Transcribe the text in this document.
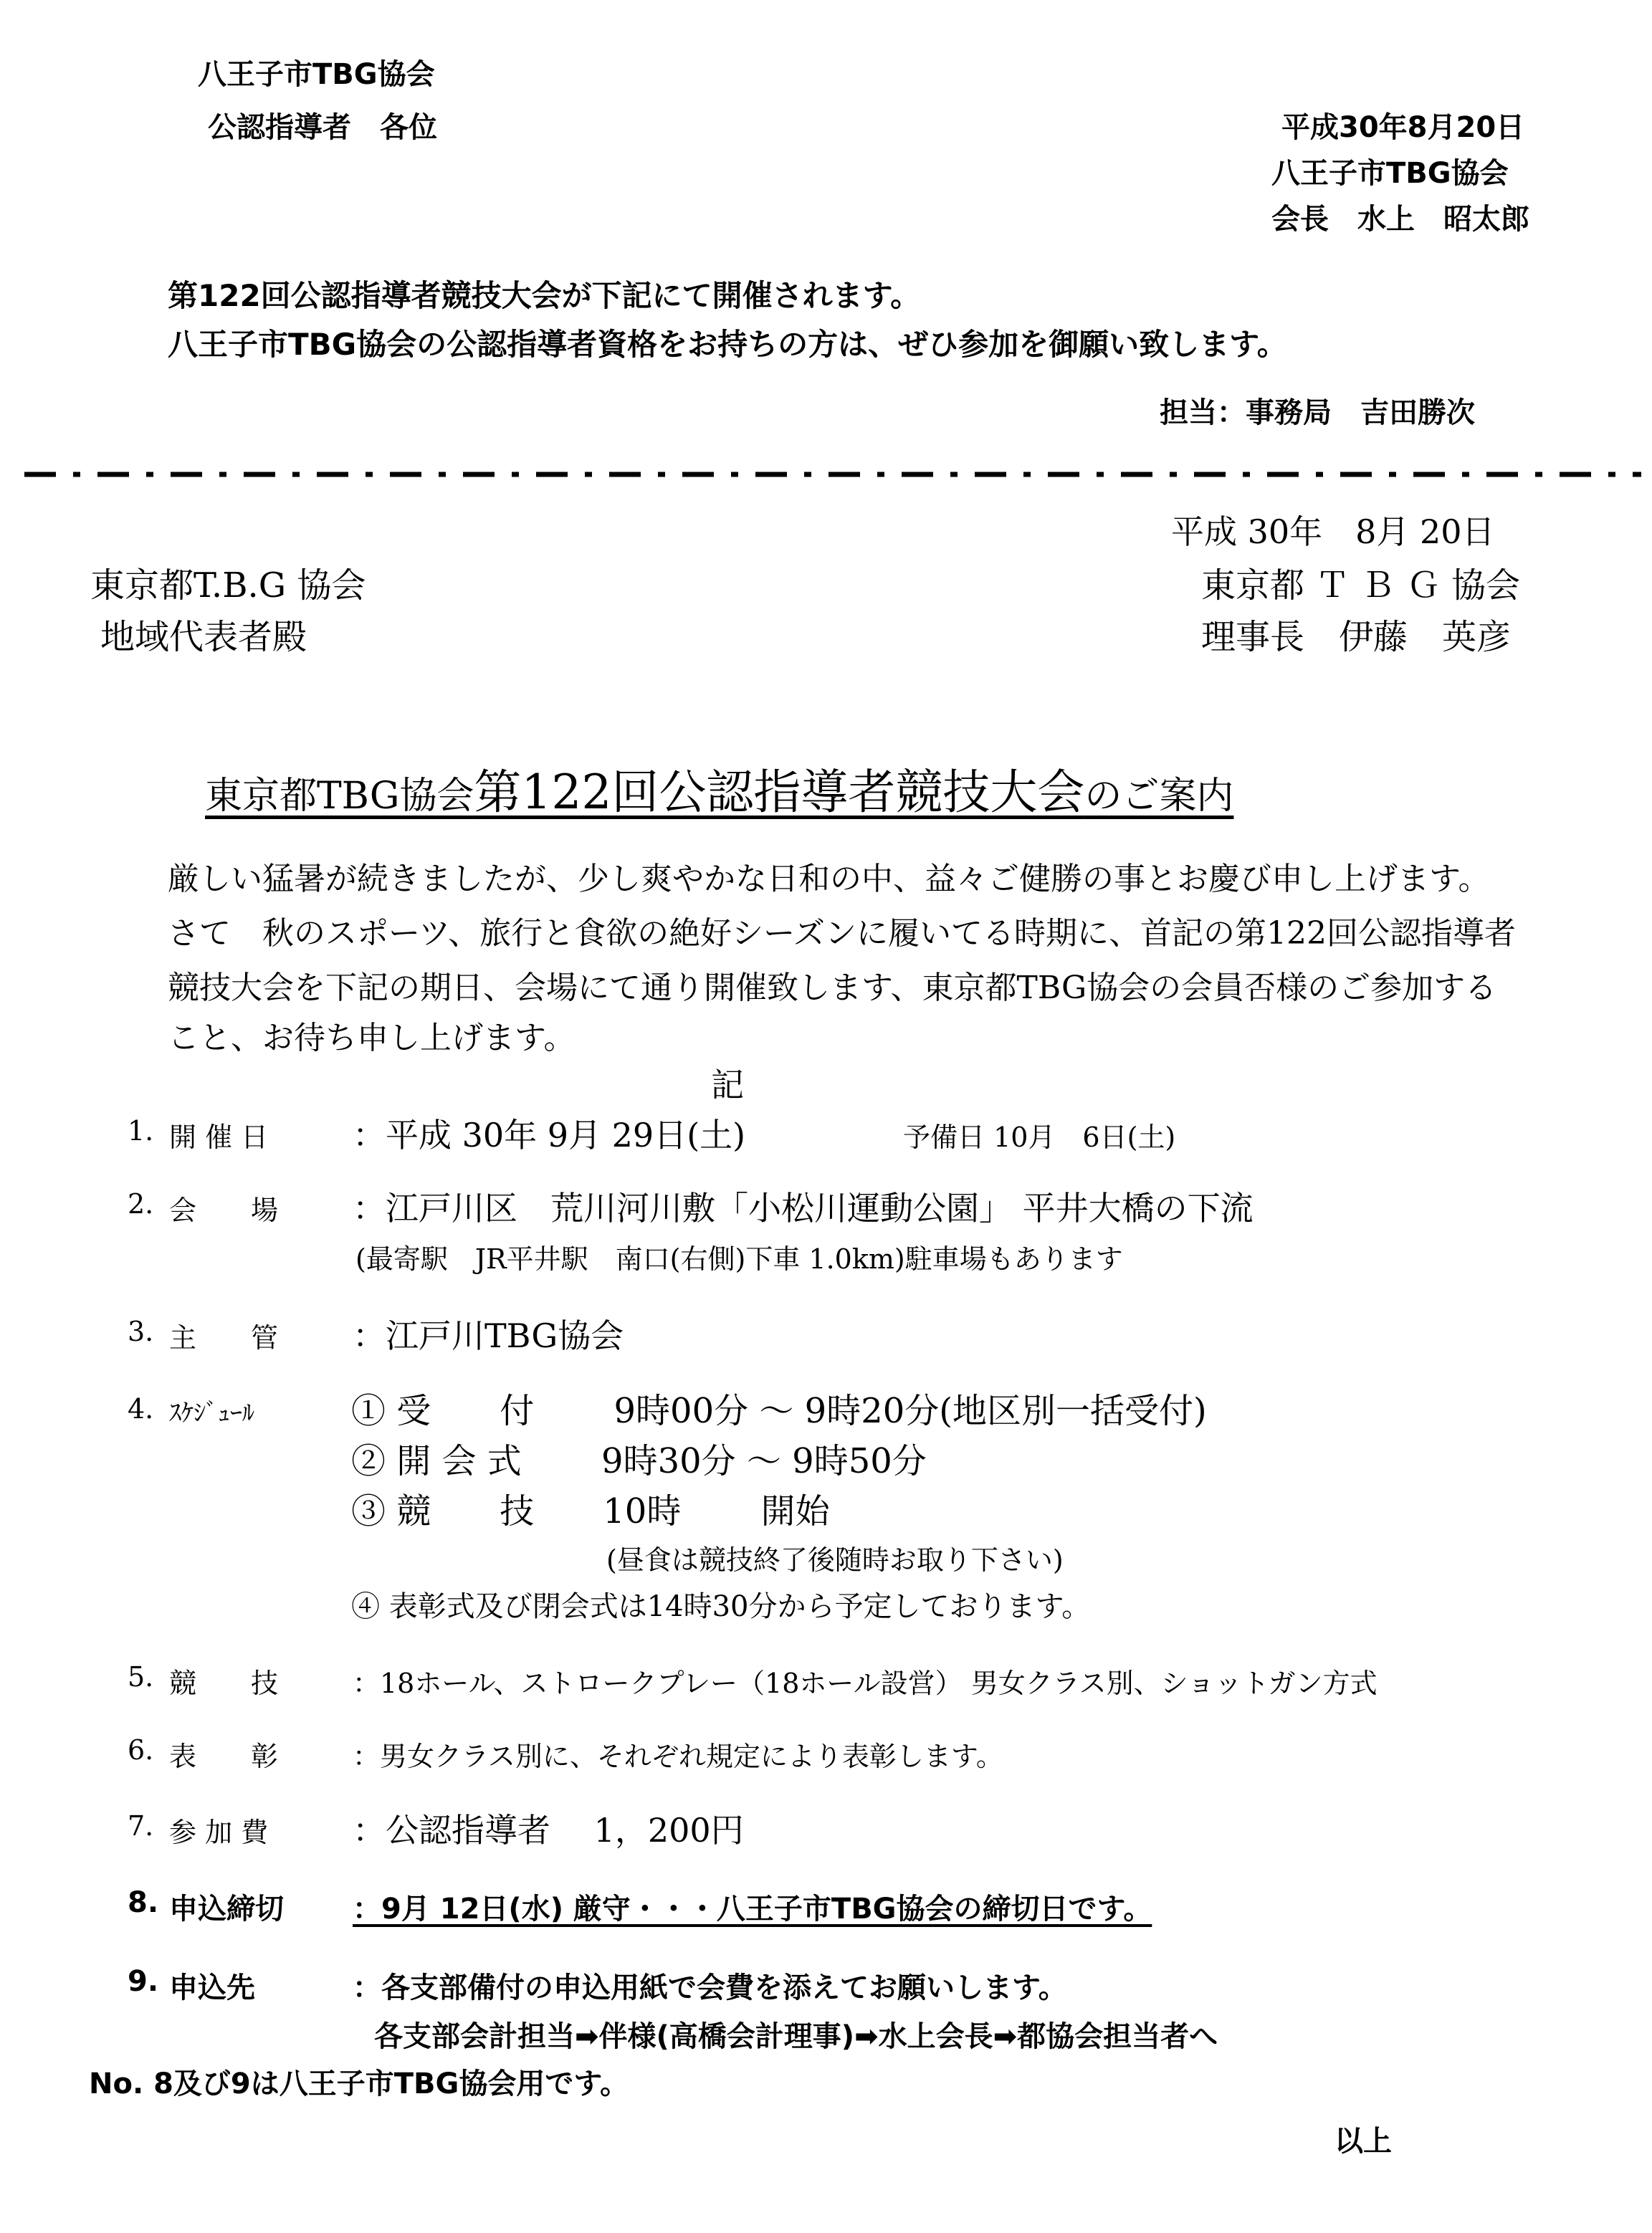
八王子市TBG協会
公認指導者　各位	平成30年8月20日
八王子市TBG協会
会長　水上　昭太郎
第122回公認指導者競技大会が下記にて開催されます。
八王子市TBG協会の公認指導者資格をお持ちの方は、ぜひ参加を御願い致します。
担当：事務局　吉田勝次
平成 30年　8月 20日
東京都T.B.G 協会
地域代表者殿
東京都 Ｔ Ｂ Ｇ 協会
理事長　伊藤　英彦
東京都TBG協会第122回公認指導者競技大会のご案内
厳しい猛暑が続きましたが、少し爽やかな日和の中、益々ご健勝の事とお慶び申し上げます。
さて　秋のスポーツ、旅行と食欲の絶好シーズンに履いてる時期に、首記の第122回公認指導者
競技大会を下記の期日、会場にて通り開催致します、東京都TBG協会の会員否様のご参加する
こと、お待ち申し上げます。
記
1. 開 催 日	：平成 30年 9月 29日(土)	予備日 10月　6日(土)
2. 会　　場 ：江戸川区　荒川河川敷「小松川運動公園」 平井大橋の下流
(最寄駅　JR平井駅　南口(右側)下車 1.0km)駐車場もあります
3. 主　　管 ：江戸川TBG協会
4. ｽｹｼﾞｭｰﾙ	① 受　　付　　 9時00分 ～ 9時20分(地区別一括受付)
② 開 会 式　　 9時30分 ～ 9時50分
③ 競　　技　　10時　　 開始
(昼食は競技終了後随時お取り下さい)
④ 表彰式及び閉会式は14時30分から予定しております。
5. 競　　技	：18ホール、ストロークプレー（18ホール設営） 男女クラス別、ショットガン方式
6. 表　　彰	：男女クラス別に、それぞれ規定により表彰します。
7. 参 加 費	：公認指導者　 1，200円
8. 申込締切 ：9月 12日(水) 厳守・・・八王子市TBG協会の締切日です。
9. 申込先	：各支部備付の申込用紙で会費を添えてお願いします。
各支部会計担当➡伴様(高橋会計理事)➡水上会長➡都協会担当者へ
No. 8及び9は八王子市TBG協会用です。
以上
